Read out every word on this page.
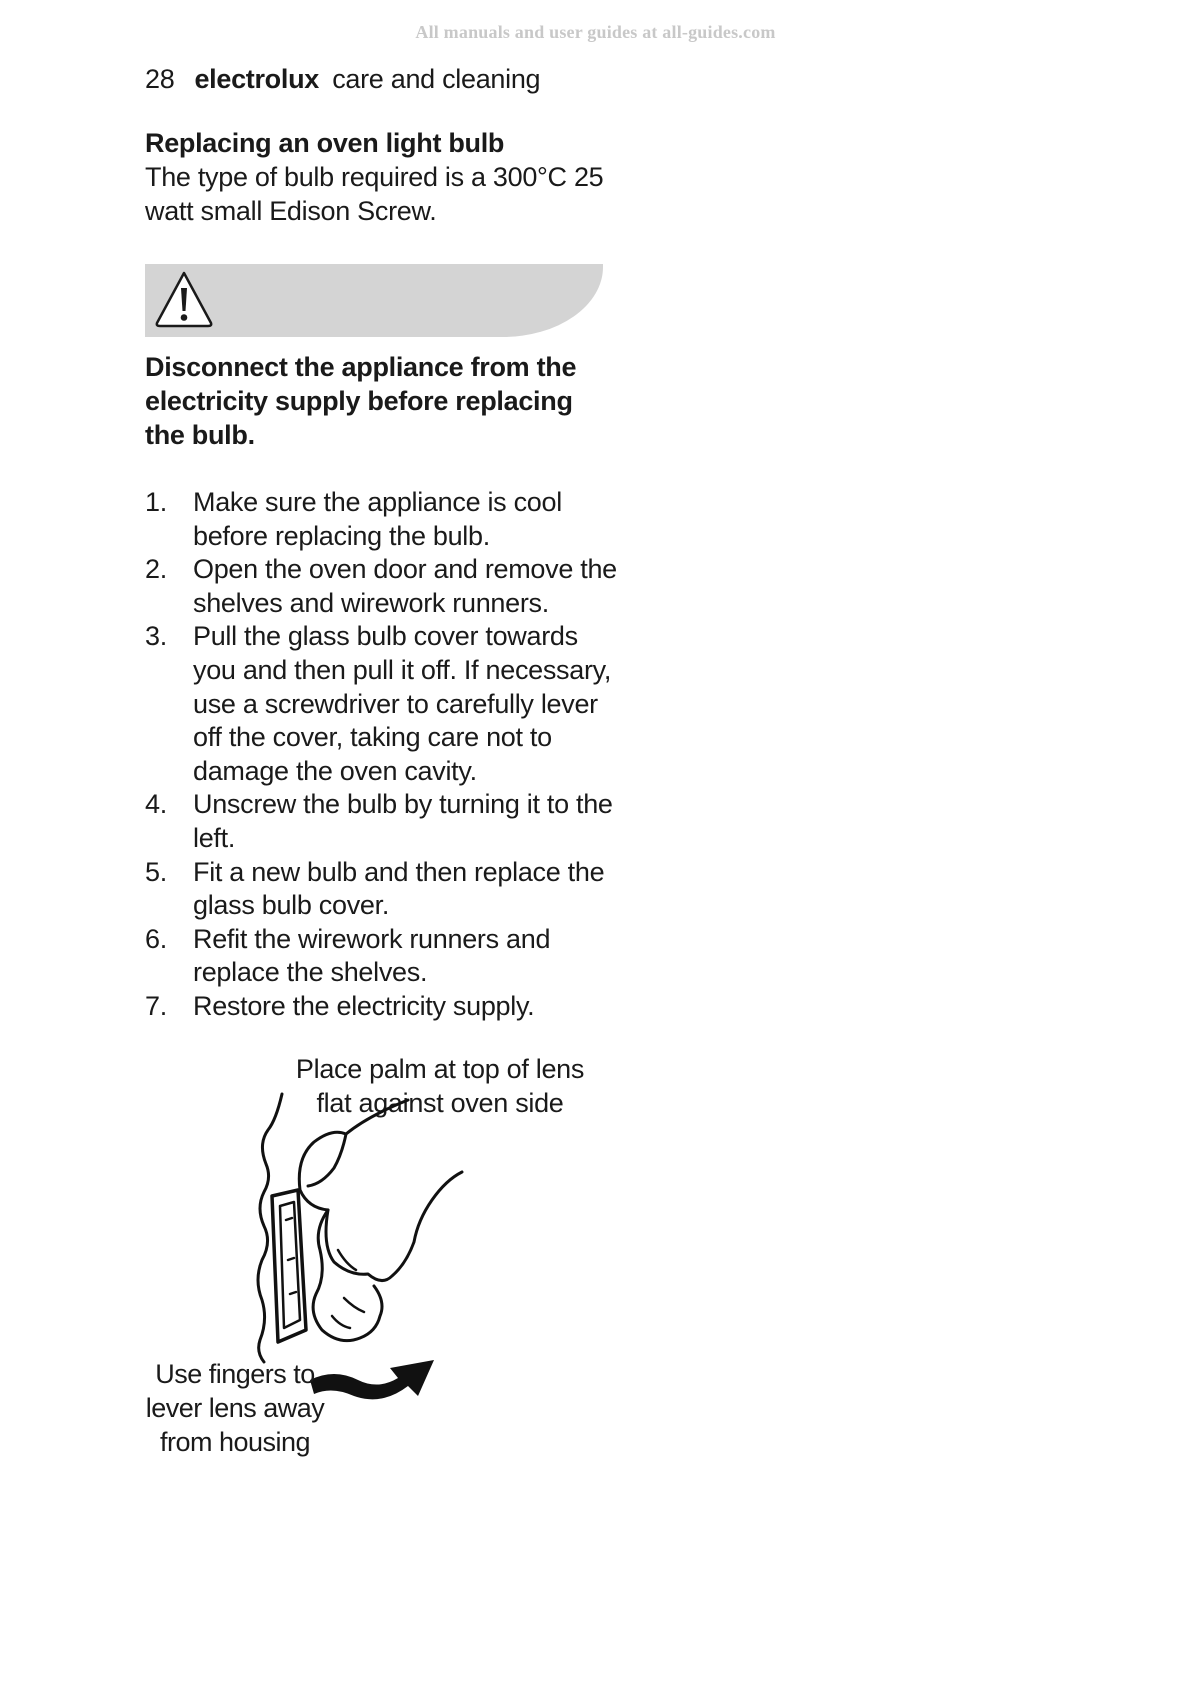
All manuals and user guides at all-guides.com
28 electrolux care and cleaning
Replacing an oven light bulb
The type of bulb required is a 300°C 25 watt small Edison Screw.
Disconnect the appliance from the electricity supply before replacing the bulb.
1. Make sure the appliance is cool before replacing the bulb.
2. Open the oven door and remove the shelves and wirework runners.
3. Pull the glass bulb cover towards you and then pull it off. If necessary, use a screwdriver to carefully lever off the cover, taking care not to damage the oven cavity.
4. Unscrew the bulb by turning it to the left.
5. Fit a new bulb and then replace the glass bulb cover.
6. Refit the wirework runners and replace the shelves.
7. Restore the electricity supply.
Place palm at top of lens flat against oven side
Use fingers to lever lens away from housing
